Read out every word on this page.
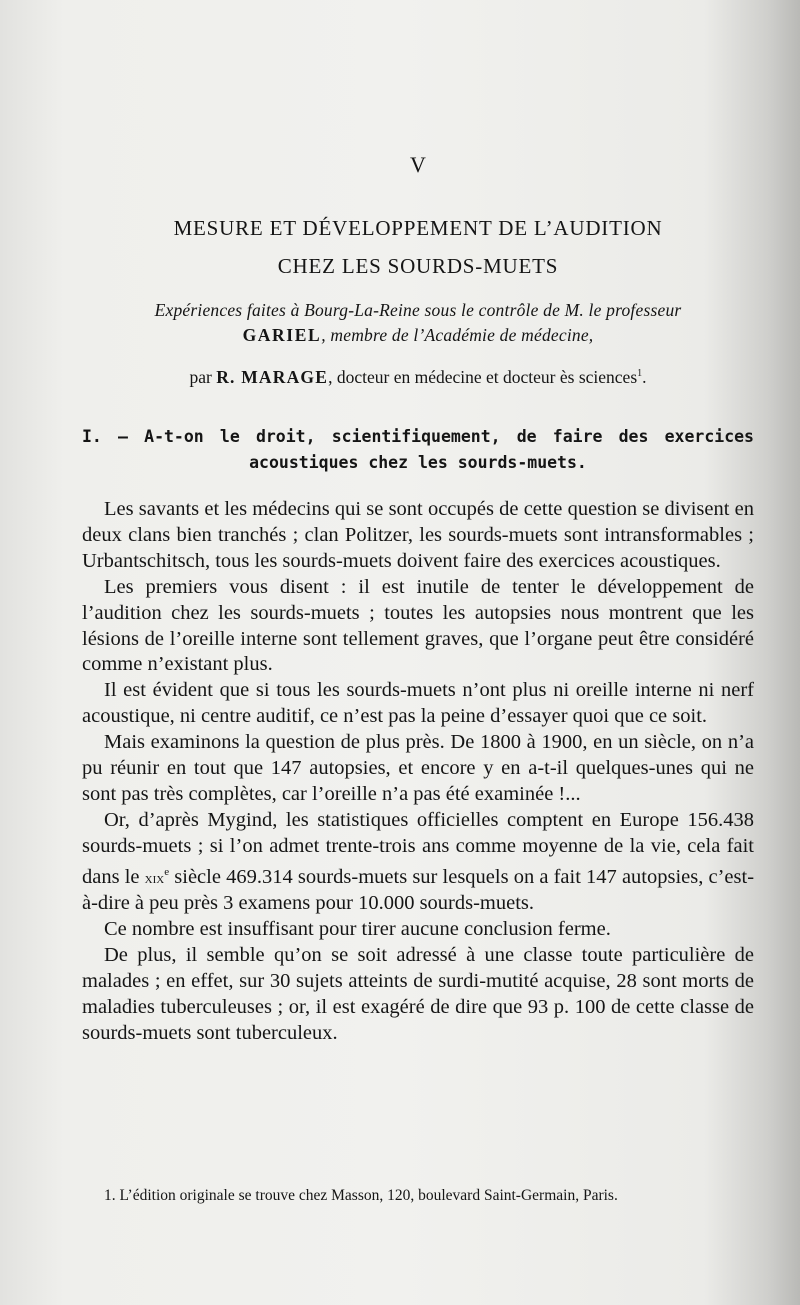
V
MESURE ET DÉVELOPPEMENT DE L’AUDITION
CHEZ LES SOURDS-MUETS
Expériences faites à Bourg-La-Reine sous le contrôle de M. le professeur
GARIEL, membre de l’Académie de médecine,
par R. MARAGE, docteur en médecine et docteur ès sciences$^1$.
I. — A-t-on le droit, scientifiquement, de faire des exercices
acoustiques chez les sourds-muets.

Les savants et les médecins qui se sont occupés de cette question se divisent en deux clans bien tranchés ; clan Politzer, les sourds-muets sont intransformables ; Urbantschitsch, tous les sourds-muets doivent faire des exercices acoustiques.

Les premiers vous disent : il est inutile de tenter le développement de l’audition chez les sourds-muets ; toutes les autopsies nous montrent que les lésions de l’oreille interne sont tellement graves, que l’organe peut être considéré comme n’existant plus.

Il est évident que si tous les sourds-muets n’ont plus ni oreille interne ni nerf acoustique, ni centre auditif, ce n’est pas la peine d’essayer quoi que ce soit.

Mais examinons la question de plus près. De 1800 à 1900, en un siècle, on n’a pu réunir en tout que 147 autopsies, et encore y en a-t-il quelques-unes qui ne sont pas très complètes, car l’oreille n’a pas été examinée !...

Or, d’après Mygind, les statistiques officielles comptent en Europe 156.438 sourds-muets ; si l’on admet trente-trois ans comme moyenne de la vie, cela fait dans le xix$^e$ siècle 469.314 sourds-muets sur lesquels on a fait 147 autopsies, c’est-à-dire à peu près 3 examens pour 10.000 sourds-muets.

Ce nombre est insuffisant pour tirer aucune conclusion ferme.

De plus, il semble qu’on se soit adressé à une classe toute particulière de malades ; en effet, sur 30 sujets atteints de surdi-mutité acquise, 28 sont morts de maladies tuberculeuses ; or, il est exagéré de dire que 93 p. 100 de cette classe de sourds-muets sont tuberculeux.

1. L’édition originale se trouve chez Masson, 120, boulevard Saint-Germain, Paris.
